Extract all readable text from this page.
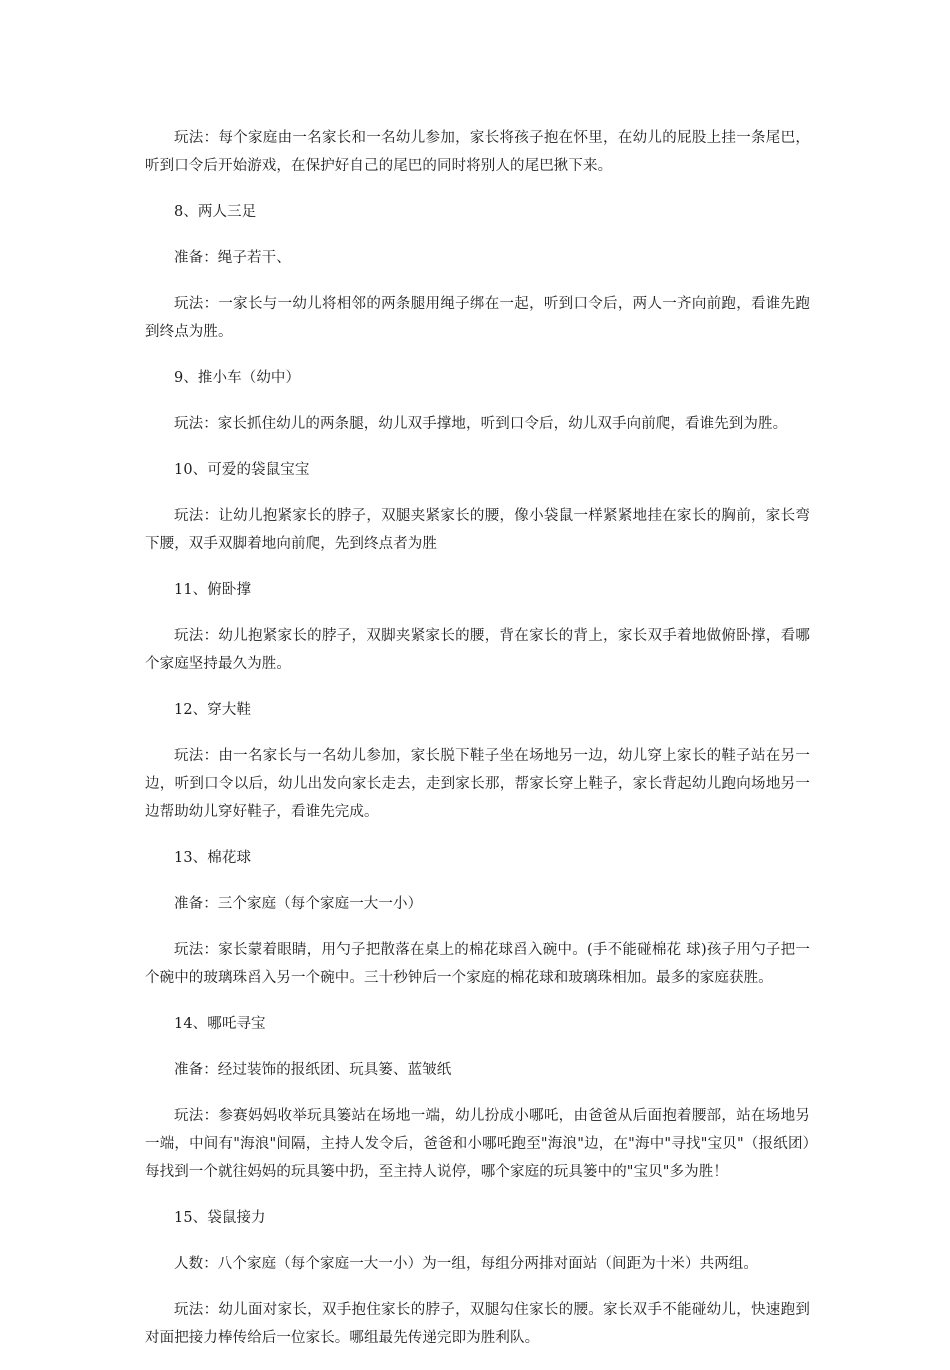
玩法：每个家庭由一名家长和一名幼儿参加，家长将孩子抱在怀里，在幼儿的屁股上挂一条尾巴，听到口令后开始游戏，在保护好自己的尾巴的同时将别人的尾巴揪下来。

8、两人三足

准备：绳子若干、

玩法：一家长与一幼儿将相邻的两条腿用绳子绑在一起，听到口令后，两人一齐向前跑，看谁先跑到终点为胜。

9、推小车（幼中）

玩法：家长抓住幼儿的两条腿，幼儿双手撑地，听到口令后，幼儿双手向前爬，看谁先到为胜。

10、可爱的袋鼠宝宝

玩法：让幼儿抱紧家长的脖子，双腿夹紧家长的腰，像小袋鼠一样紧紧地挂在家长的胸前，家长弯下腰，双手双脚着地向前爬，先到终点者为胜

11、俯卧撑

玩法：幼儿抱紧家长的脖子，双脚夹紧家长的腰，背在家长的背上，家长双手着地做俯卧撑，看哪个家庭坚持最久为胜。

12、穿大鞋

玩法：由一名家长与一名幼儿参加，家长脱下鞋子坐在场地另一边，幼儿穿上家长的鞋子站在另一边，听到口令以后，幼儿出发向家长走去，走到家长那，帮家长穿上鞋子，家长背起幼儿跑向场地另一边帮助幼儿穿好鞋子，看谁先完成。

13、棉花球

准备：三个家庭（每个家庭一大一小）

玩法：家长蒙着眼睛，用勺子把散落在桌上的棉花球舀入碗中。(手不能碰棉花 球)孩子用勺子把一个碗中的玻璃珠舀入另一个碗中。三十秒钟后一个家庭的棉花球和玻璃珠相加。最多的家庭获胜。

14、哪吒寻宝

准备：经过装饰的报纸团、玩具篓、蓝皱纸

玩法：参赛妈妈收举玩具篓站在场地一端，幼儿扮成小哪吒，由爸爸从后面抱着腰部，站在场地另一端，中间有"海浪"间隔，主持人发令后，爸爸和小哪吒跑至"海浪"边，在"海中"寻找"宝贝"（报纸团）每找到一个就往妈妈的玩具篓中扔，至主持人说停，哪个家庭的玩具篓中的"宝贝"多为胜！

15、袋鼠接力

人数：八个家庭（每个家庭一大一小）为一组，每组分两排对面站（间距为十米）共两组。

玩法：幼儿面对家长，双手抱住家长的脖子，双腿勾住家长的腰。家长双手不能碰幼儿，快速跑到对面把接力棒传给后一位家长。哪组最先传递完即为胜利队。
